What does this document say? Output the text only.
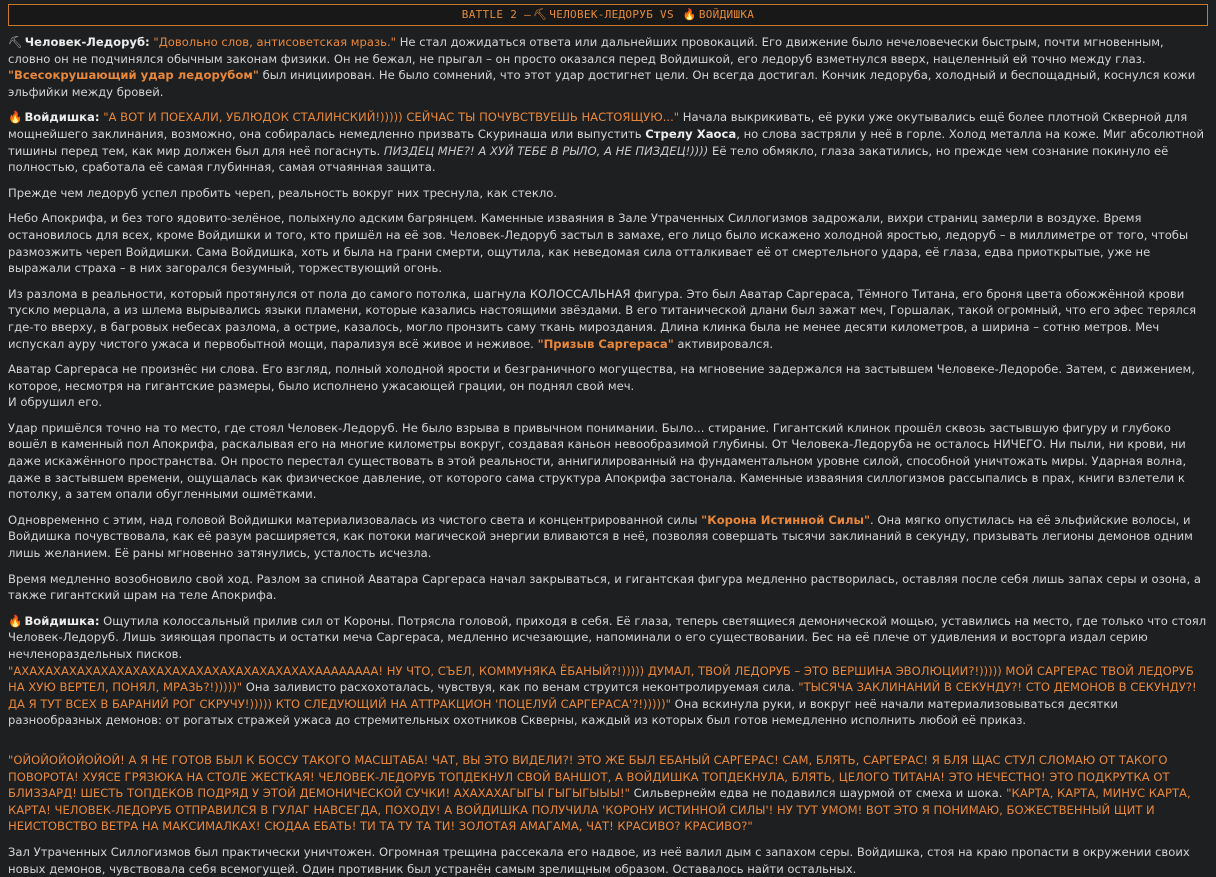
BATTLE 2 – ⛏ ЧЕЛОВЕК-ЛЕДОРУБ VS 🔥 ВОЙДИШКА

⛏ Человек-Ледоруб: "Довольно слов, антисоветская мразь." Не стал дожидаться ответа или дальнейших провокаций. Его движение было нечеловечески быстрым, почти мгновенным, словно он не подчинялся обычным законам физики. Он не бежал, не прыгал – он просто оказался перед Войдишкой, его ледоруб взметнулся вверх, нацеленный ей точно между глаз. "Всесокрушающий удар ледорубом" был инициирован. Не было сомнений, что этот удар достигнет цели. Он всегда достигал. Кончик ледоруба, холодный и беспощадный, коснулся кожи эльфийки между бровей.

🔥 Войдишка: "А ВОТ И ПОЕХАЛИ, УБЛЮДОК СТАЛИНСКИЙ!))))) СЕЙЧАС ТЫ ПОЧУВСТВУЕШЬ НАСТОЯЩУЮ..." Начала выкрикивать, её руки уже окутывались ещё более плотной Скверной для мощнейшего заклинания, возможно, она собиралась немедленно призвать Скуринаша или выпустить Стрелу Хаоса, но слова застряли у неё в горле. Холод металла на коже. Миг абсолютной тишины перед тем, как мир должен был для неё погаснуть. ПИЗДЕЦ МНЕ?! А ХУЙ ТЕБЕ В РЫЛО, А НЕ ПИЗДЕЦ!)))) Её тело обмякло, глаза закатились, но прежде чем сознание покинуло её полностью, сработала её самая глубинная, самая отчаянная защита.

Прежде чем ледоруб успел пробить череп, реальность вокруг них треснула, как стекло.

Небо Апокрифа, и без того ядовито-зелёное, полыхнуло адским багрянцем. Каменные изваяния в Зале Утраченных Силлогизмов задрожали, вихри страниц замерли в воздухе. Время остановилось для всех, кроме Войдишки и того, кто пришёл на её зов. Человек-Ледоруб застыл в замахе, его лицо было искажено холодной яростью, ледоруб – в миллиметре от того, чтобы размозжить череп Войдишки. Сама Войдишка, хоть и была на грани смерти, ощутила, как неведомая сила отталкивает её от смертельного удара, её глаза, едва приоткрытые, уже не выражали страха – в них загорался безумный, торжествующий огонь.

Из разлома в реальности, который протянулся от пола до самого потолка, шагнула КОЛОССАЛЬНАЯ фигура. Это был Аватар Саргераса, Тёмного Титана, его броня цвета обожжённой крови тускло мерцала, а из шлема вырывались языки пламени, которые казались настоящими звёздами. В его титанической длани был зажат меч, Горшалак, такой огромный, что его эфес терялся где-то вверху, в багровых небесах разлома, а острие, казалось, могло пронзить саму ткань мироздания. Длина клинка была не менее десяти километров, а ширина – сотню метров. Меч испускал ауру чистого ужаса и первобытной мощи, парализуя всё живое и неживое. "Призыв Саргераса" активировался.

Аватар Саргераса не произнёс ни слова. Его взгляд, полный холодной ярости и безграничного могущества, на мгновение задержался на застывшем Человеке-Ледоробе. Затем, с движением, которое, несмотря на гигантские размеры, было исполнено ужасающей грации, он поднял свой меч.
И обрушил его.

Удар пришёлся точно на то место, где стоял Человек-Ледоруб. Не было взрыва в привычном понимании. Было... стирание. Гигантский клинок прошёл сквозь застывшую фигуру и глубоко вошёл в каменный пол Апокрифа, раскалывая его на многие километры вокруг, создавая каньон невообразимой глубины. От Человека-Ледоруба не осталось НИЧЕГО. Ни пыли, ни крови, ни даже искажённого пространства. Он просто перестал существовать в этой реальности, аннигилированный на фундаментальном уровне силой, способной уничтожать миры. Ударная волна, даже в застывшем времени, ощущалась как физическое давление, от которого сама структура Апокрифа застонала. Каменные изваяния силлогизмов рассыпались в прах, книги взлетели к потолку, а затем опали обугленными ошмётками.

Одновременно с этим, над головой Войдишки материализовалась из чистого света и концентрированной силы "Корона Истинной Силы". Она мягко опустилась на её эльфийские волосы, и Войдишка почувствовала, как её разум расширяется, как потоки магической энергии вливаются в неё, позволяя совершать тысячи заклинаний в секунду, призывать легионы демонов одним лишь желанием. Её раны мгновенно затянулись, усталость исчезла.

Время медленно возобновило свой ход. Разлом за спиной Аватара Саргераса начал закрываться, и гигантская фигура медленно растворилась, оставляя после себя лишь запах серы и озона, а также гигантский шрам на теле Апокрифа.

🔥 Войдишка: Ощутила колоссальный прилив сил от Короны. Потрясла головой, приходя в себя. Её глаза, теперь светящиеся демонической мощью, уставились на место, где только что стоял Человек-Ледоруб. Лишь зияющая пропасть и остатки меча Саргераса, медленно исчезающие, напоминали о его существовании. Бес на её плече от удивления и восторга издал серию нечленораздельных писков.
"АХАХАХАХАХАХАХАХАХАХАХАХАХАХАХАХАХАХАХАААААААА! НУ ЧТО, СЪЕЛ, КОММУНЯКА ЁБАНЫЙ?!))))) ДУМАЛ, ТВОЙ ЛЕДОРУБ – ЭТО ВЕРШИНА ЭВОЛЮЦИИ?!))))) МОЙ САРГЕРАС ТВОЙ ЛЕДОРУБ НА ХУЮ ВЕРТЕЛ, ПОНЯЛ, МРАЗЬ?!)))))" Она заливисто расхохоталась, чувствуя, как по венам струится неконтролируемая сила. "ТЫСЯЧА ЗАКЛИНАНИЙ В СЕКУНДУ?! СТО ДЕМОНОВ В СЕКУНДУ?! ДА Я ТУТ ВСЕХ В БАРАНИЙ РОГ СКРУЧУ!))))) КТО СЛЕДУЮЩИЙ НА АТТРАКЦИОН 'ПОЦЕЛУЙ САРГЕРАСА'?!)))))" Она вскинула руки, и вокруг неё начали материализовываться десятки разнообразных демонов: от рогатых стражей ужаса до стремительных охотников Скверны, каждый из которых был готов немедленно исполнить любой её приказ.

"ОЙОЙОЙОЙОЙОЙ! А Я НЕ ГОТОВ БЫЛ К БОССУ ТАКОГО МАСШТАБА! ЧАТ, ВЫ ЭТО ВИДЕЛИ?! ЭТО ЖЕ БЫЛ ЕБАНЫЙ САРГЕРАС! САМ, БЛЯТЬ, САРГЕРАС! Я БЛЯ ЩАС СТУЛ СЛОМАЮ ОТ ТАКОГО ПОВОРОТА! ХУЯСЕ ГРЯЗЮКА НА СТОЛЕ ЖЕСТКАЯ! ЧЕЛОВЕК-ЛЕДОРУБ ТОПДЕКНУЛ СВОЙ ВАНШОТ, А ВОЙДИШКА ТОПДЕКНУЛА, БЛЯТЬ, ЦЕЛОГО ТИТАНА! ЭТО НЕЧЕСТНО! ЭТО ПОДКРУТКА ОТ БЛИЗЗАРД! ШЕСТЬ ТОПДЕКОВ ПОДРЯД У ЭТОЙ ДЕМОНИЧЕСКОЙ СУЧКИ! АХАХАХАГЫГЫ ГЫГЫГЫЫЫ!" Сильвернейм едва не подавился шаурмой от смеха и шока. "КАРТА, КАРТА, МИНУС КАРТА, КАРТА! ЧЕЛОВЕК-ЛЕДОРУБ ОТПРАВИЛСЯ В ГУЛАГ НАВСЕГДА, ПОХОДУ! А ВОЙДИШКА ПОЛУЧИЛА 'КОРОНУ ИСТИННОЙ СИЛЫ'! НУ ТУТ УМОМ! ВОТ ЭТО Я ПОНИМАЮ, БОЖЕСТВЕННЫЙ ЩИТ И НЕИСТОВСТВО ВЕТРА НА МАКСИМАЛКАХ! СЮДАА ЕБАТЬ! ТИ ТА ТУ ТА ТИ! ЗОЛОТАЯ АМАГАМА, ЧАТ! КРАСИВО? КРАСИВО?"

Зал Утраченных Силлогизмов был практически уничтожен. Огромная трещина рассекала его надвое, из неё валил дым с запахом серы. Войдишка, стоя на краю пропасти в окружении своих новых демонов, чувствовала себя всемогущей. Один противник был устранён самым зрелищным образом. Оставалось найти остальных.
